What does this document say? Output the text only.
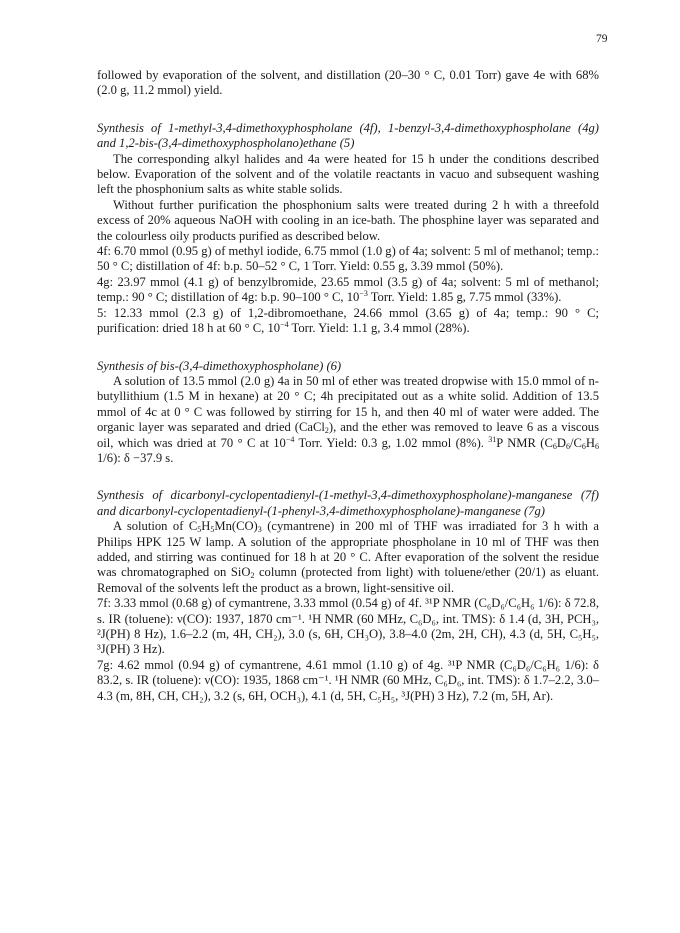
79

followed by evaporation of the solvent, and distillation (20–30 ° C, 0.01 Torr) gave 4e with 68% (2.0 g, 11.2 mmol) yield.

Synthesis of 1-methyl-3,4-dimethoxyphospholane (4f), 1-benzyl-3,4-dimethoxyphospholane (4g) and 1,2-bis-(3,4-dimethoxyphospholano)ethane (5)

The corresponding alkyl halides and 4a were heated for 15 h under the conditions described below. Evaporation of the solvent and of the volatile reactants in vacuo and subsequent washing left the phosphonium salts as white stable solids.

Without further purification the phosphonium salts were treated during 2 h with a threefold excess of 20% aqueous NaOH with cooling in an ice-bath. The phosphine layer was separated and the colourless oily products purified as described below.

4f: 6.70 mmol (0.95 g) of methyl iodide, 6.75 mmol (1.0 g) of 4a; solvent: 5 ml of methanol; temp.: 50 ° C; distillation of 4f: b.p. 50–52 ° C, 1 Torr. Yield: 0.55 g, 3.39 mmol (50%).

4g: 23.97 mmol (4.1 g) of benzylbromide, 23.65 mmol (3.5 g) of 4a; solvent: 5 ml of methanol; temp.: 90 ° C; distillation of 4g: b.p. 90–100 ° C, $10^{-3}$ Torr. Yield: 1.85 g, 7.75 mmol (33%).

5: 12.33 mmol (2.3 g) of 1,2-dibromoethane, 24.66 mmol (3.65 g) of 4a; temp.: 90 ° C; purification: dried 18 h at 60 ° C, $10^{-4}$ Torr. Yield: 1.1 g, 3.4 mmol (28%).

Synthesis of bis-(3,4-dimethoxyphospholane) (6)

A solution of 13.5 mmol (2.0 g) 4a in 50 ml of ether was treated dropwise with 15.0 mmol of n-butyllithium (1.5 M in hexane) at 20 ° C; 4h precipitated out as a white solid. Addition of 13.5 mmol of 4c at 0 ° C was followed by stirring for 15 h, and then 40 ml of water were added. The organic layer was separated and dried (CaCl$_2$), and the ether was removed to leave 6 as a viscous oil, which was dried at 70 ° C at $10^{-4}$ Torr. Yield: 0.3 g, 1.02 mmol (8%). $^{31}$P NMR ($C_6D_6/C_6H_6$ 1/6): δ −37.9 s.

Synthesis of dicarbonyl-cyclopentadienyl-(1-methyl-3,4-dimethoxyphospholane)-manganese (7f) and dicarbonyl-cyclopentadienyl-(1-phenyl-3,4-dimethoxyphospholane)-manganese (7g)

A solution of $C_5H_5Mn(CO)_3$ (cymantrene) in 200 ml of THF was irradiated for 3 h with a Philips HPK 125 W lamp. A solution of the appropriate phospholane in 10 ml of THF was then added, and stirring was continued for 18 h at 20 ° C. After evaporation of the solvent the residue was chromatographed on SiO$_2$ column (protected from light) with toluene/ether (20/1) as eluant. Removal of the solvents left the product as a brown, light-sensitive oil.

7f: 3.33 mmol (0.68 g) of cymantrene, 3.33 mmol (0.54 g) of 4f. ³¹P NMR (C₆D₆/C₆H₆ 1/6): δ 72.8, s. IR (toluene): ν(CO): 1937, 1870 cm⁻¹. ¹H NMR (60 MHz, C₆D₆, int. TMS): δ 1.4 (d, 3H, PCH₃, ²J(PH) 8 Hz), 1.6–2.2 (m, 4H, CH₂), 3.0 (s, 6H, CH₃O), 3.8–4.0 (2m, 2H, CH), 4.3 (d, 5H, C₅H₅, ³J(PH) 3 Hz).

7g: 4.62 mmol (0.94 g) of cymantrene, 4.61 mmol (1.10 g) of 4g. ³¹P NMR (C₆D₆/C₆H₆ 1/6): δ 83.2, s. IR (toluene): ν(CO): 1935, 1868 cm⁻¹. ¹H NMR (60 MHz, C₆D₆, int. TMS): δ 1.7–2.2, 3.0–4.3 (m, 8H, CH, CH₂), 3.2 (s, 6H, OCH₃), 4.1 (d, 5H, C₅H₅, ³J(PH) 3 Hz), 7.2 (m, 5H, Ar).
